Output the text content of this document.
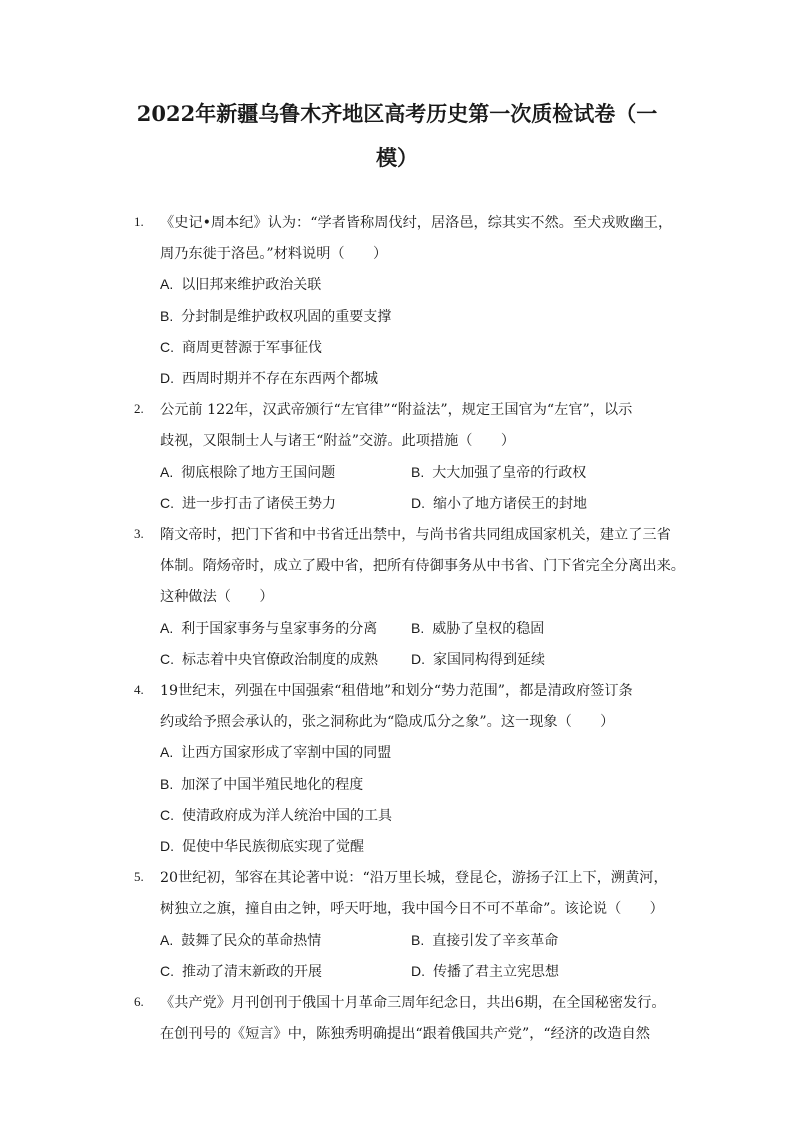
2022年新疆乌鲁木齐地区高考历史第一次质检试卷（一
模）
1. 《史记•周本纪》认为：“学者皆称周伐纣，居洛邑，综其实不然。至犬戎败幽王，
周乃东徙于洛邑。”材料说明（　　）
A. 以旧邦来维护政治关联
B. 分封制是维护政权巩固的重要支撑
C. 商周更替源于军事征伐
D. 西周时期并不存在东西两个都城
2. 公元前 122年，汉武帝颁行“左官律”“附益法”，规定王国官为“左官”，以示
歧视，又限制士人与诸王“附益”交游。此项措施（　　）
A. 彻底根除了地方王国问题	B. 大大加强了皇帝的行政权
C. 进一步打击了诸侯王势力	D. 缩小了地方诸侯王的封地
3. 隋文帝时，把门下省和中书省迁出禁中，与尚书省共同组成国家机关，建立了三省
体制。隋炀帝时，成立了殿中省，把所有侍御事务从中书省、门下省完全分离出来。
这种做法（　　）
A. 利于国家事务与皇家事务的分离 B. 威胁了皇权的稳固
C. 标志着中央官僚政治制度的成熟 D. 家国同构得到延续
4. 19世纪末，列强在中国强索“租借地”和划分“势力范围”，都是清政府签订条
约或给予照会承认的，张之洞称此为“隐成瓜分之象”。这一现象（　　）
A. 让西方国家形成了宰割中国的同盟
B. 加深了中国半殖民地化的程度
C. 使清政府成为洋人统治中国的工具
D. 促使中华民族彻底实现了觉醒
5. 20世纪初，邹容在其论著中说：“沿万里长城，登昆仑，游扬子江上下，溯黄河，
树独立之旗，撞自由之钟，呼天吁地，我中国今日不可不革命”。该论说（　　）
A. 鼓舞了民众的革命热情	B. 直接引发了辛亥革命
C. 推动了清末新政的开展	D. 传播了君主立宪思想
6. 《共产党》月刊创刊于俄国十月革命三周年纪念日，共出6期，在全国秘密发行。
在创刊号的《短言》中，陈独秀明确提出“跟着俄国共产党”，“经济的改造自然
